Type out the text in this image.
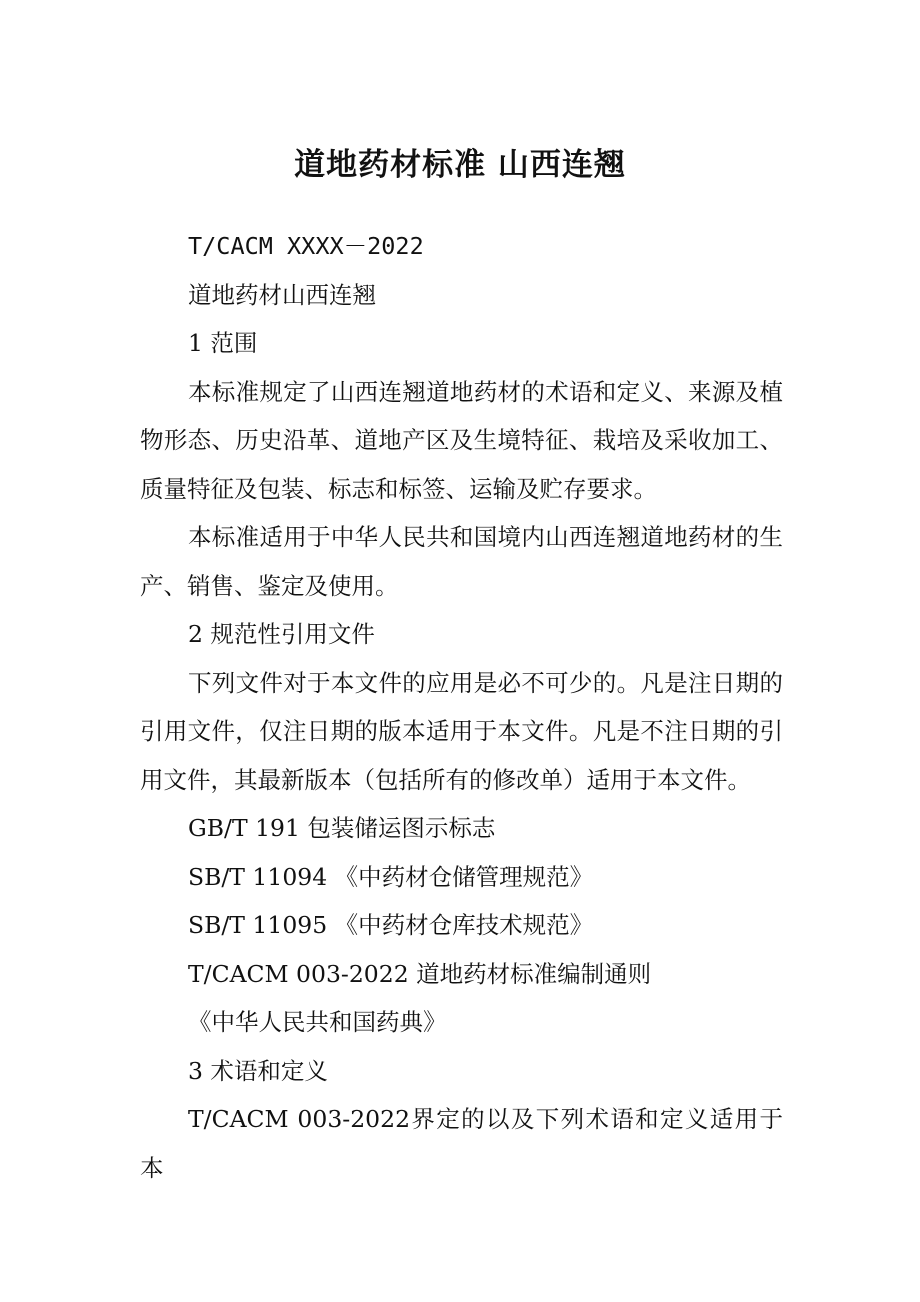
道地药材标准 山西连翘

T/CACM XXXX－2022

道地药材山西连翘

1 范围

本标准规定了山西连翘道地药材的术语和定义、来源及植物形态、历史沿革、道地产区及生境特征、栽培及采收加工、质量特征及包装、标志和标签、运输及贮存要求。

本标准适用于中华人民共和国境内山西连翘道地药材的生产、销售、鉴定及使用。

2 规范性引用文件

下列文件对于本文件的应用是必不可少的。凡是注日期的引用文件，仅注日期的版本适用于本文件。凡是不注日期的引用文件，其最新版本（包括所有的修改单）适用于本文件。

GB/T 191 包装储运图示标志

SB/T 11094 《中药材仓储管理规范》

SB/T 11095 《中药材仓库技术规范》

T/CACM 003-2022 道地药材标准编制通则

《中华人民共和国药典》

3 术语和定义

T/CACM 003-2022界定的以及下列术语和定义适用于本
